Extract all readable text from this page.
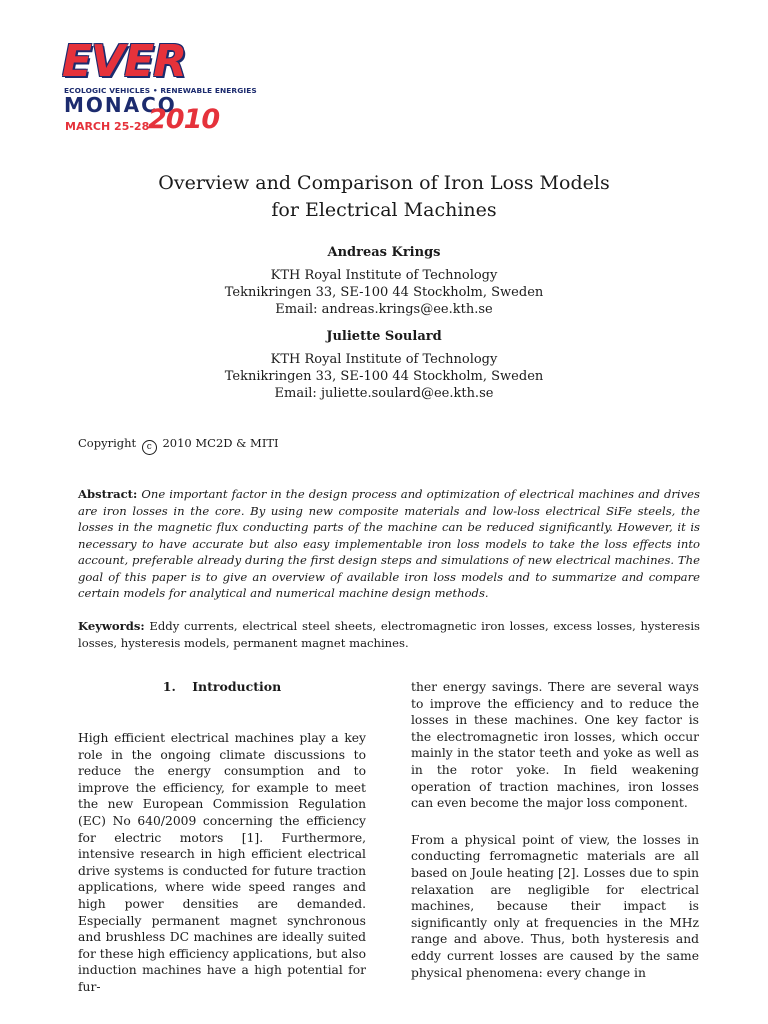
EVER
ECOLOGIC VEHICLES • RENEWABLE ENERGIES
MONACO
MARCH 25-28
2010
Overview and Comparison of Iron Loss Models
for Electrical Machines
Andreas Krings
KTH Royal Institute of Technology
Teknikringen 33, SE-100 44 Stockholm, Sweden
Email: andreas.krings@ee.kth.se
Juliette Soulard
KTH Royal Institute of Technology
Teknikringen 33, SE-100 44 Stockholm, Sweden
Email: juliette.soulard@ee.kth.se
Copyright c 2010 MC2D & MITI

Abstract: One important factor in the design process and optimization of electrical machines and drives are iron losses in the core. By using new composite materials and low-loss electrical SiFe steels, the losses in the magnetic flux conducting parts of the machine can be reduced significantly. However, it is necessary to have accurate but also easy implementable iron loss models to take the loss effects into account, preferable already during the first design steps and simulations of new electrical machines. The goal of this paper is to give an overview of available iron loss models and to summarize and compare certain models for analytical and numerical machine design methods.

Keywords: Eddy currents, electrical steel sheets, electromagnetic iron losses, excess losses, hysteresis losses, hysteresis models, permanent magnet machines.

1. Introduction

High efficient electrical machines play a key role in the ongoing climate discussions to reduce the energy consumption and to improve the efficiency, for example to meet the new European Commission Regulation (EC) No 640/2009 concerning the efficiency for electric motors [1]. Furthermore, intensive research in high efficient electrical drive systems is conducted for future traction applications, where wide speed ranges and high power densities are demanded. Especially permanent magnet synchronous and brushless DC machines are ideally suited for these high efficiency applications, but also induction machines have a high potential for fur-

ther energy savings. There are several ways to improve the efficiency and to reduce the losses in these machines. One key factor is the electromagnetic iron losses, which occur mainly in the stator teeth and yoke as well as in the rotor yoke. In field weakening operation of traction machines, iron losses can even become the major loss component.

From a physical point of view, the losses in conducting ferromagnetic materials are all based on Joule heating [2]. Losses due to spin relaxation are negligible for electrical machines, because their impact is significantly only at frequencies in the MHz range and above. Thus, both hysteresis and eddy current losses are caused by the same physical phenomena: every change in
